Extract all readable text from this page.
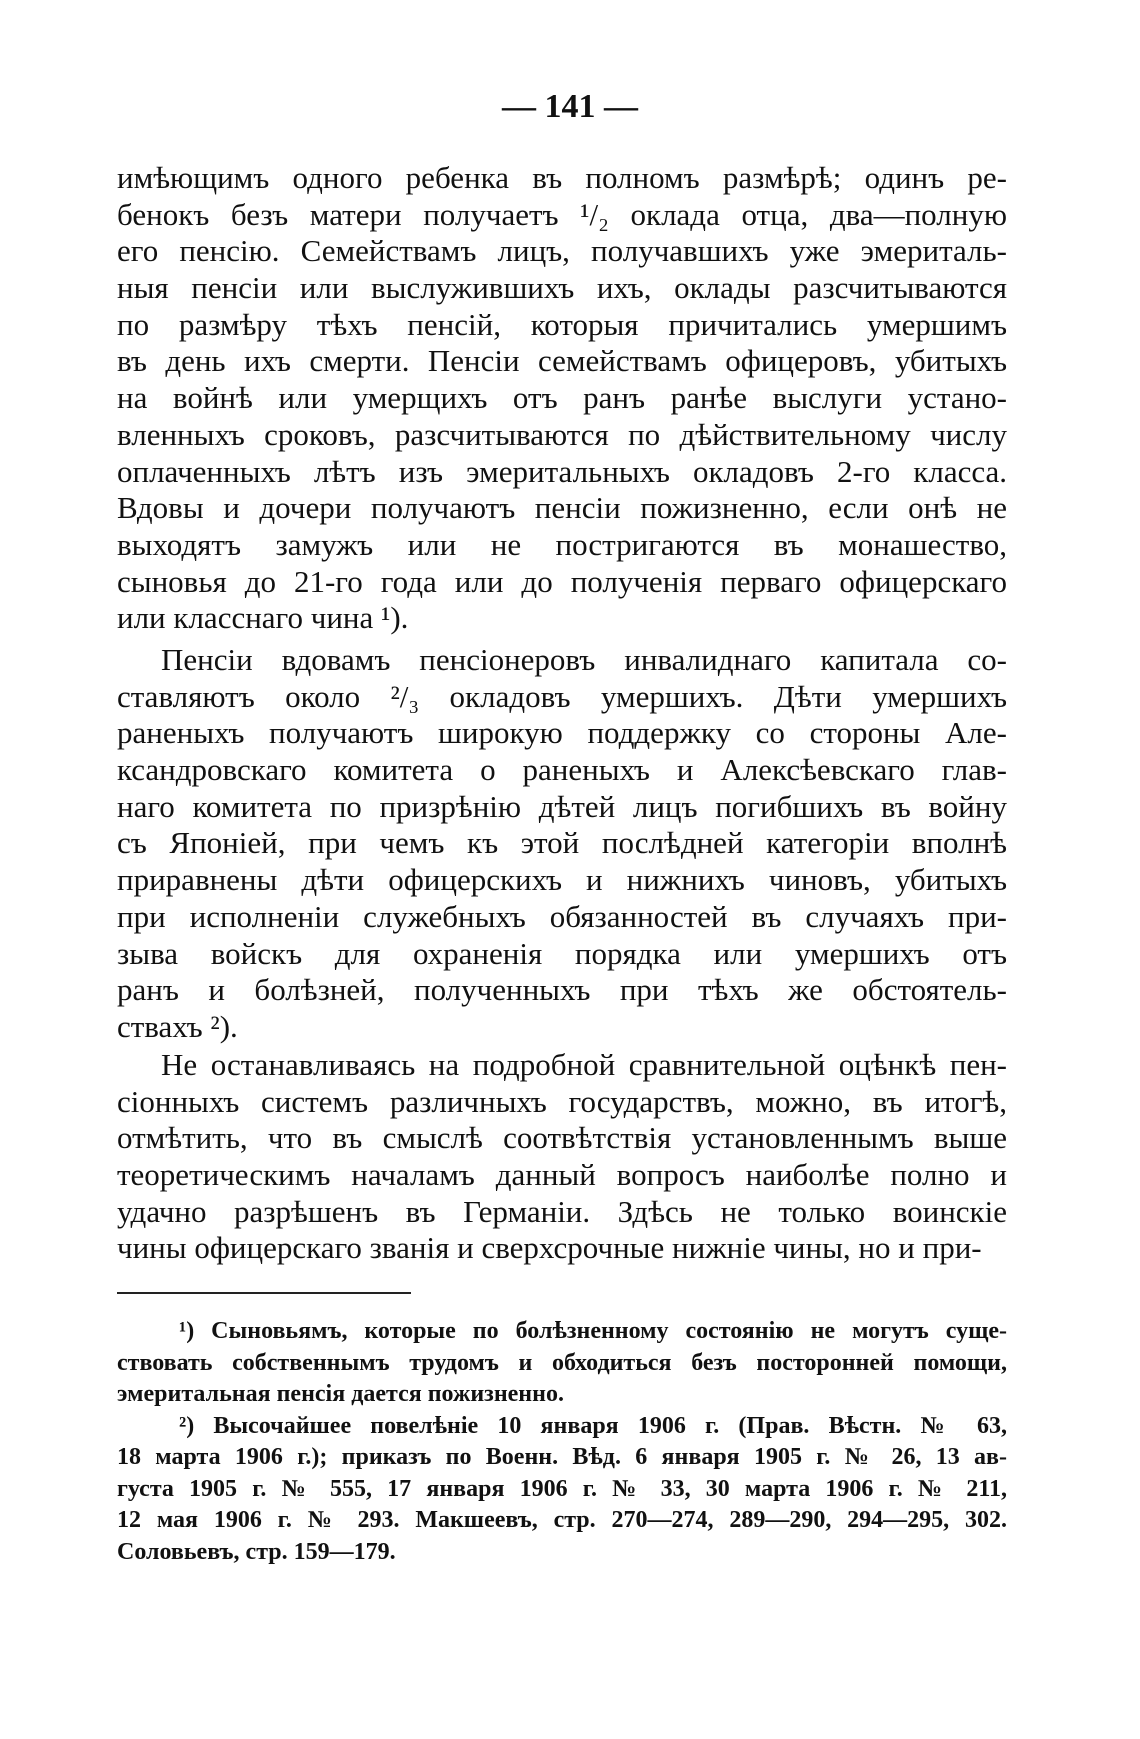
— 141 —
имѣющимъ одного ребенка въ полномъ размѣрѣ; одинъ ре-
бенокъ безъ матери получаетъ ¹/₂ оклада отца, два—полную
его пенсію. Семействамъ лицъ, получавшихъ уже эмериталь-
ныя пенсіи или выслужившихъ ихъ, оклады разсчитываются
по размѣру тѣхъ пенсій, которыя причитались умершимъ
въ день ихъ смерти. Пенсіи семействамъ офицеровъ, убитыхъ
на войнѣ или умерщихъ отъ ранъ ранѣе выслуги устано-
вленныхъ сроковъ, разсчитываются по дѣйствительному числу
оплаченныхъ лѣтъ изъ эмеритальныхъ окладовъ 2-го класса.
Вдовы и дочери получаютъ пенсіи пожизненно, если онѣ не
выходятъ замужъ или не постригаются въ монашество,
сыновья до 21-го года или до полученія перваго офицерскаго
или класснаго чина ¹).
Пенсіи вдовамъ пенсіонеровъ инвалиднаго капитала со-
ставляютъ около ²/₃ окладовъ умершихъ. Дѣти умершихъ
раненыхъ получаютъ широкую поддержку со стороны Але-
ксандровскаго комитета о раненыхъ и Алексѣевскаго глав-
наго комитета по призрѣнію дѣтей лицъ погибшихъ въ войну
съ Японіей, при чемъ къ этой послѣдней категоріи вполнѣ
приравнены дѣти офицерскихъ и нижнихъ чиновъ, убитыхъ
при исполненіи служебныхъ обязанностей въ случаяхъ при-
зыва войскъ для охраненія порядка или умершихъ отъ
ранъ и болѣзней, полученныхъ при тѣхъ же обстоятель-
ствахъ ²).
Не останавливаясь на подробной сравнительной оцѣнкѣ пен-
сіонныхъ системъ различныхъ государствъ, можно, въ итогѣ,
отмѣтить, что въ смыслѣ соотвѣтствія установленнымъ выше
теоретическимъ началамъ данный вопросъ наиболѣе полно и
удачно разрѣшенъ въ Германіи. Здѣсь не только воинскіе
чины офицерскаго званія и сверхсрочные нижніе чины, но и при-
¹) Сыновьямъ, которые по болѣзненному состоянію не могутъ суще-
ствовать собственнымъ трудомъ и обходиться безъ посторонней помощи,
эмеритальная пенсія дается пожизненно.
²) Высочайшее повелѣніе 10 января 1906 г. (Прав. Вѣстн. № 63,
18 марта 1906 г.); приказъ по Военн. Вѣд. 6 января 1905 г. № 26, 13 ав-
густа 1905 г. № 555, 17 января 1906 г. № 33, 30 марта 1906 г. № 211,
12 мая 1906 г. № 293. Макшеевъ, стр. 270—274, 289—290, 294—295, 302.
Соловьевъ, стр. 159—179.
